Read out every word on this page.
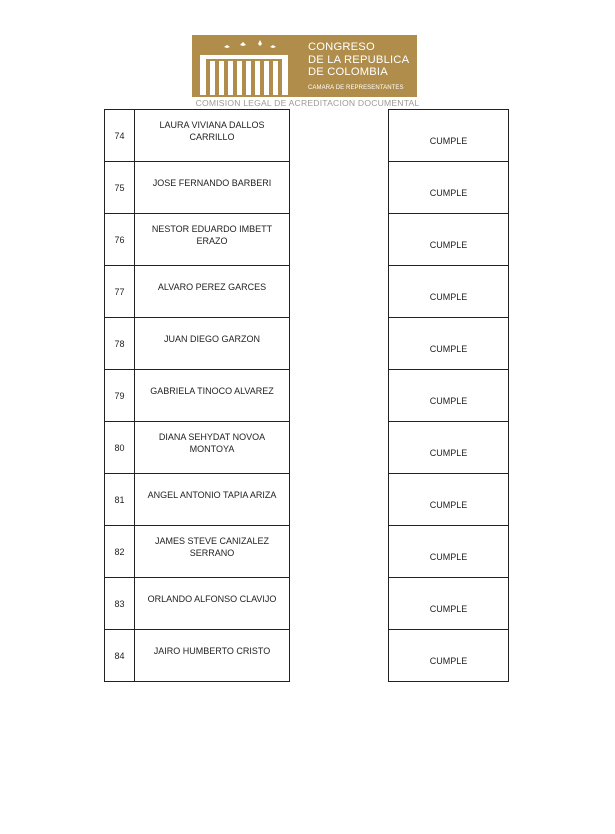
CONGRESO
DE LA REPUBLICA
DE COLOMBIA
CAMARA DE REPRESENTANTES
COMISION LEGAL DE ACREDITACION DOCUMENTAL
74	LAURA VIVIANA DALLOS CARRILLO		CUMPLE
75	JOSE FERNANDO BARBERI		CUMPLE
76	NESTOR EDUARDO IMBETT ERAZO		CUMPLE
77	ALVARO PEREZ GARCES		CUMPLE
78	JUAN DIEGO GARZON		CUMPLE
79	GABRIELA TINOCO ALVAREZ		CUMPLE
80	DIANA SEHYDAT NOVOA MONTOYA		CUMPLE
81	ANGEL ANTONIO TAPIA ARIZA		CUMPLE
82	JAMES STEVE CANIZALEZ SERRANO		CUMPLE
83	ORLANDO ALFONSO CLAVIJO		CUMPLE
84	JAIRO HUMBERTO CRISTO		CUMPLE
